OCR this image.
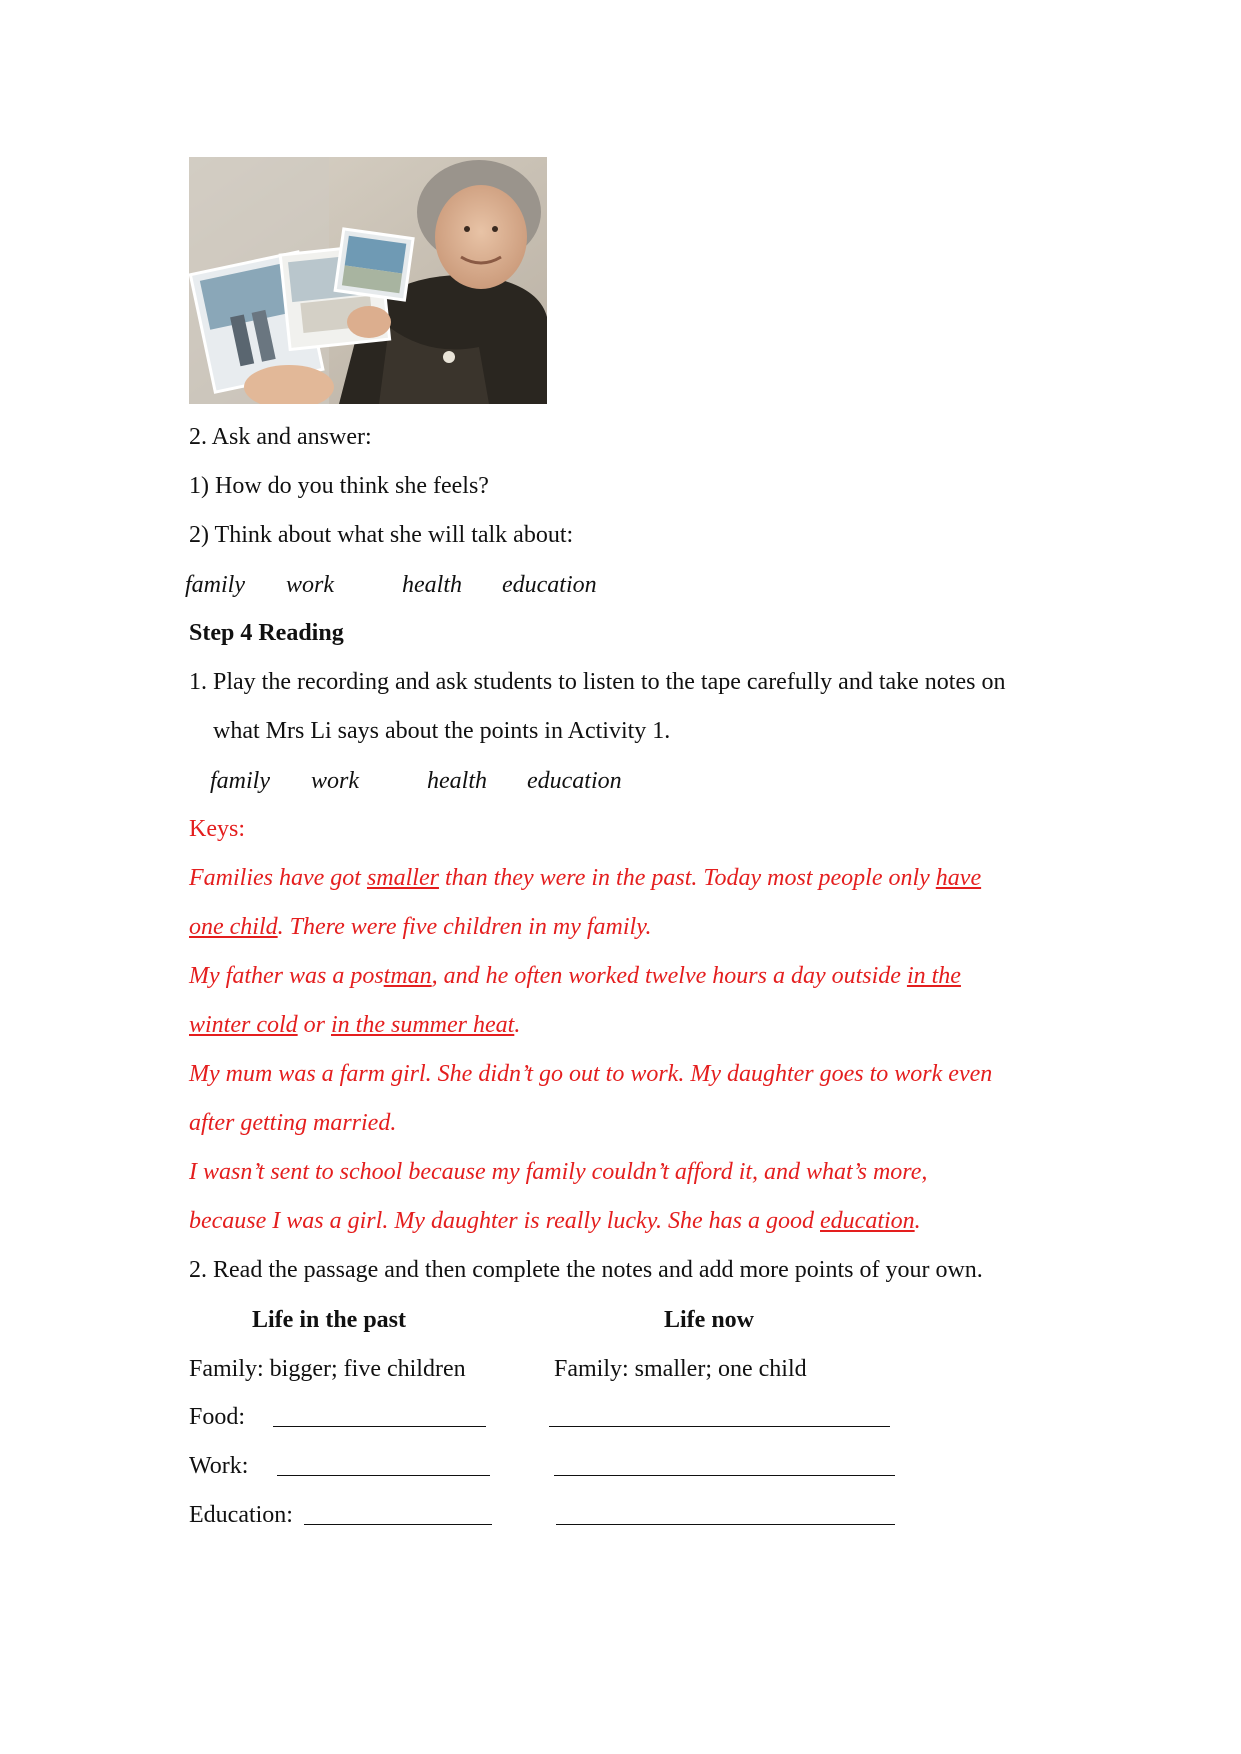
2. Ask and answer:
1) How do you think she feels?
2) Think about what she will talk about:
family work	health education
Step 4 Reading
1. Play the recording and ask students to listen to the tape carefully and take notes on
what Mrs Li says about the points in Activity 1.
family work	health education
Keys:
Families have got smaller than they were in the past. Today most people only have
one child. There were five children in my family.
My father was a postman, and he often worked twelve hours a day outside in the
winter cold or in the summer heat.
My mum was a farm girl. She didn’t go out to work. My daughter goes to work even
after getting married.
I wasn’t sent to school because my family couldn’t afford it, and what’s more,
because I was a girl. My daughter is really lucky. She has a good education.
2. Read the passage and then complete the notes and add more points of your own.
Life in the past	Life now
Family: bigger; five children	Family: smaller; one child
Food:
Work:
Education:
